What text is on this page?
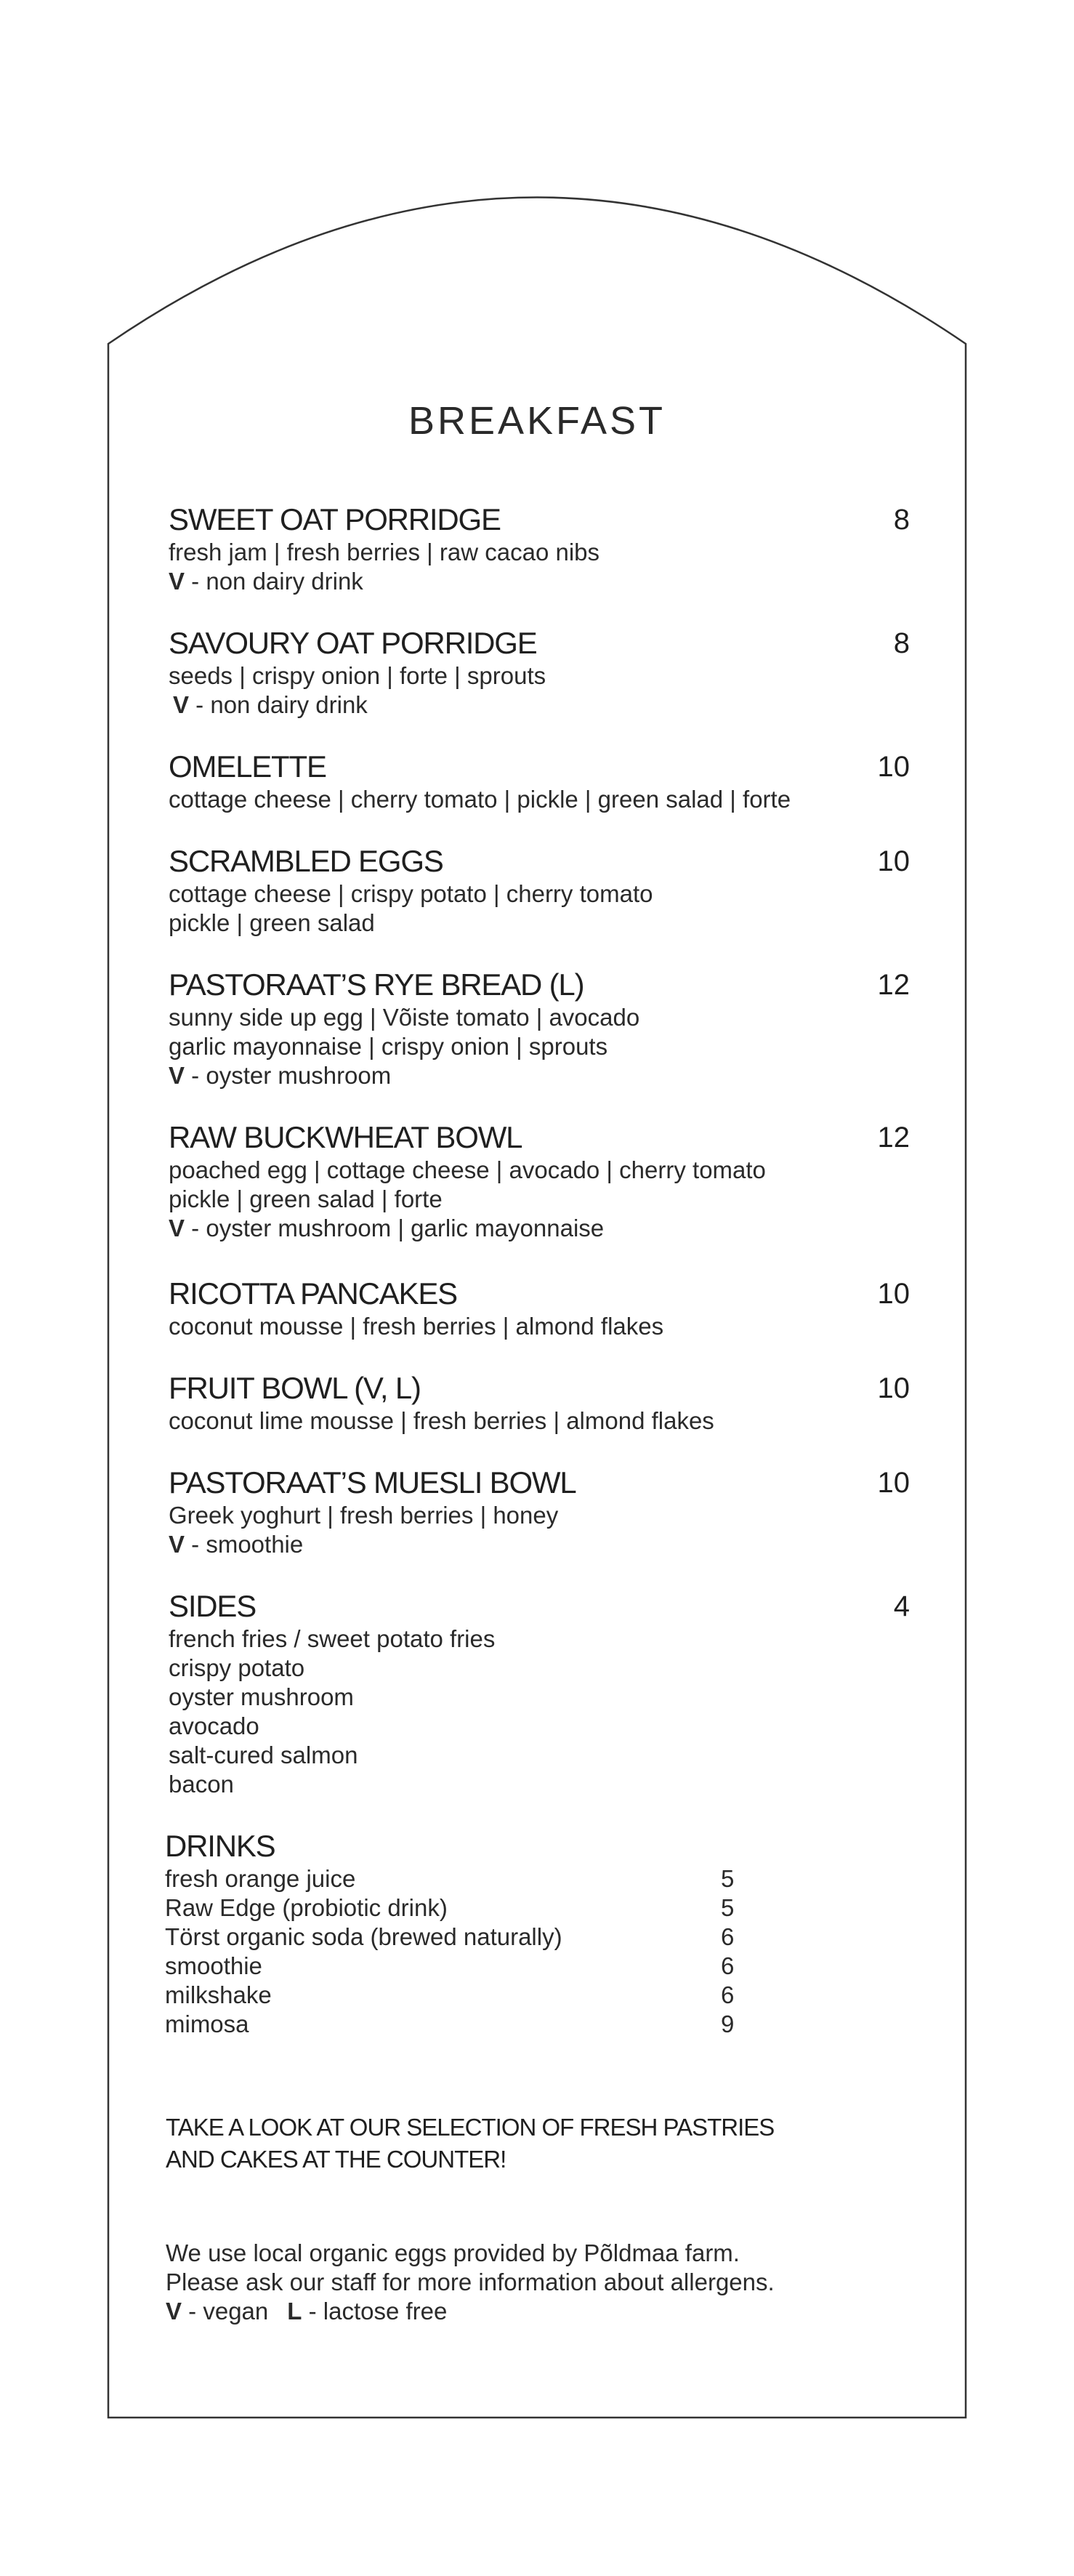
BREAKFAST
SWEET OAT PORRIDGE	8
fresh jam | fresh berries | raw cacao nibs
V - non dairy drink
SAVOURY OAT PORRIDGE	8
seeds | crispy onion | forte | sprouts
V - non dairy drink
OMELETTE	10
cottage cheese | cherry tomato | pickle | green salad | forte
SCRAMBLED EGGS	10
cottage cheese | crispy potato | cherry tomato
pickle | green salad
PASTORAAT’S RYE BREAD (L)	12
sunny side up egg | Võiste tomato | avocado
garlic mayonnaise | crispy onion | sprouts
V - oyster mushroom
RAW BUCKWHEAT BOWL	12
poached egg | cottage cheese | avocado | cherry tomato
pickle | green salad | forte
V - oyster mushroom | garlic mayonnaise
RICOTTA PANCAKES	10
coconut mousse | fresh berries | almond flakes
FRUIT BOWL (V, L)	10
coconut lime mousse | fresh berries | almond flakes
PASTORAAT’S MUESLI BOWL	10
Greek yoghurt | fresh berries | honey
V - smoothie
SIDES	4
french fries / sweet potato fries
crispy potato
oyster mushroom
avocado
salt-cured salmon
bacon
DRINKS
fresh orange juice	5
Raw Edge (probiotic drink)	5
Törst organic soda (brewed naturally)	6
smoothie	6
milkshake	6
mimosa	9
TAKE A LOOK AT OUR SELECTION OF FRESH PASTRIES
AND CAKES AT THE COUNTER!
We use local organic eggs provided by Põldmaa farm.
Please ask our staff for more information about allergens.
V - vegan L - lactose free
